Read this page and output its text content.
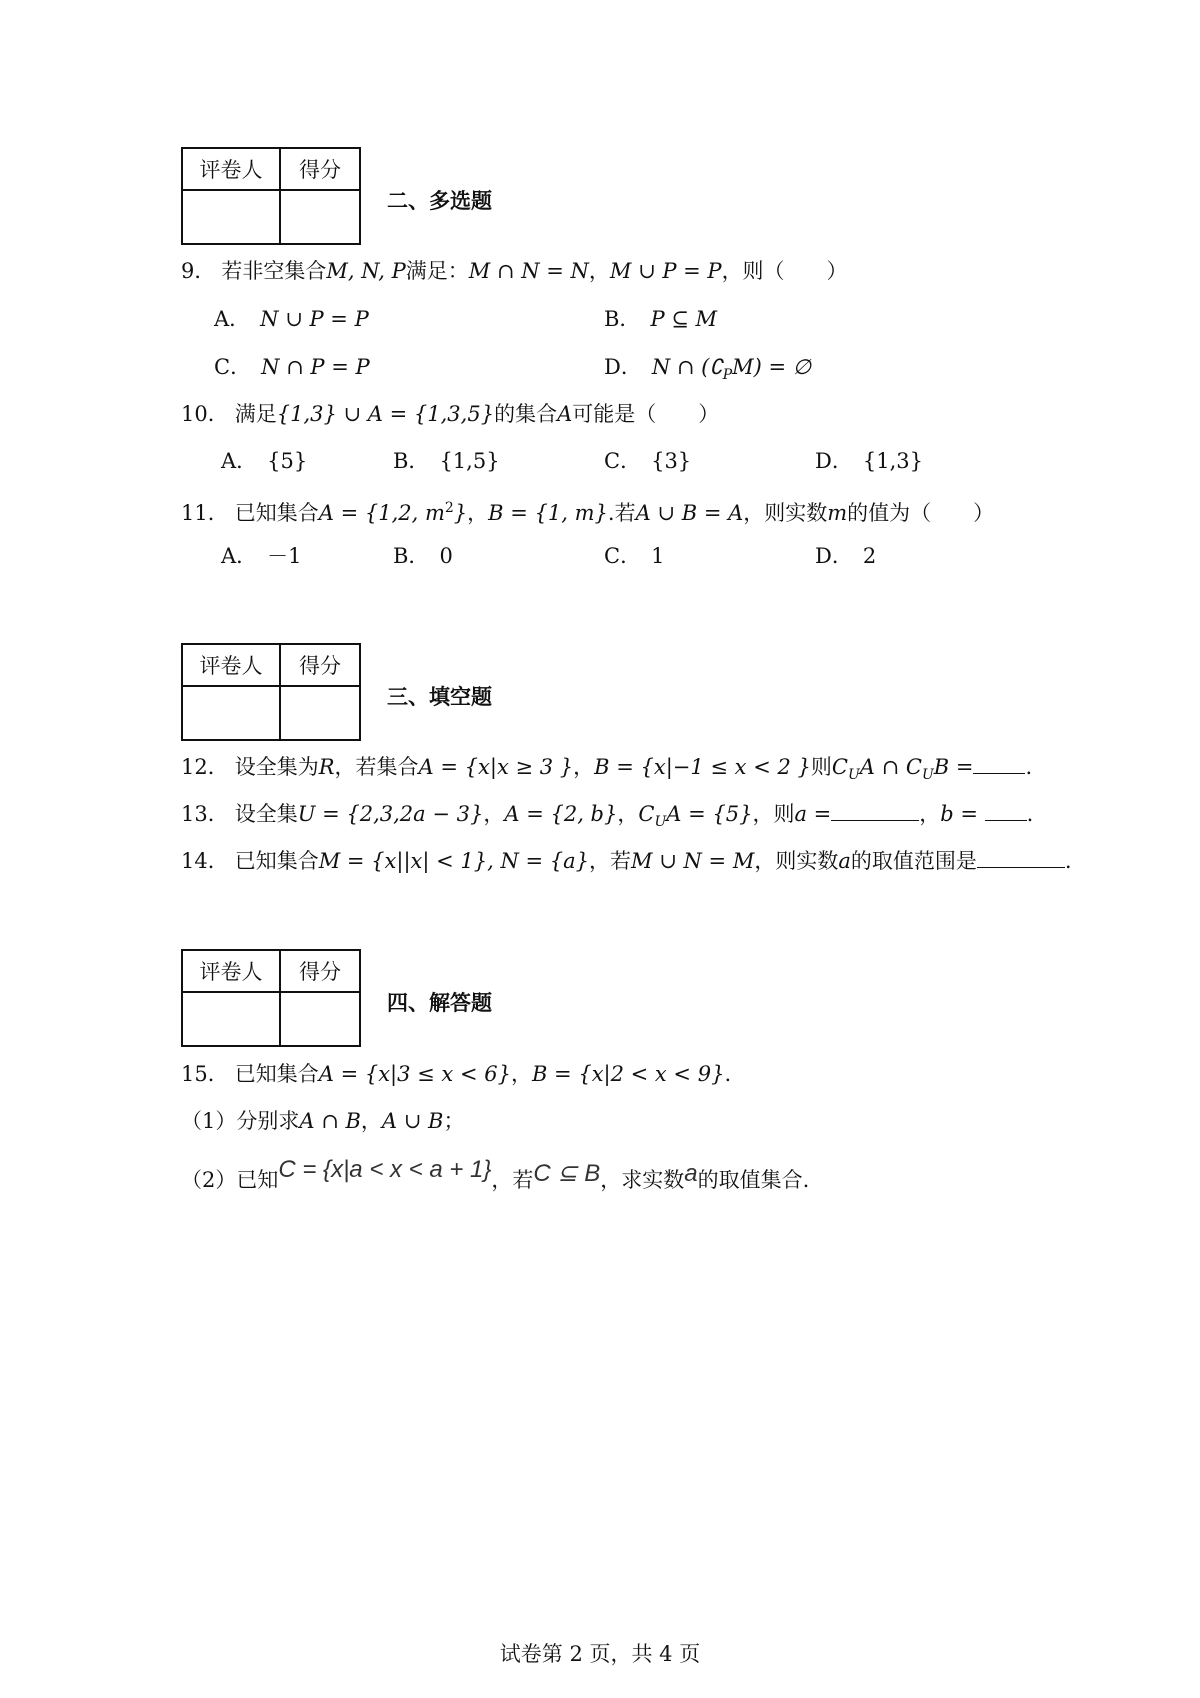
评卷人	得分

二、多选题
9． 若非空集合M, N, P满足：M ∩ N = N，M ∪ P = P，则（　　）
A． N ∪ P = P	B． P ⊆ M
C． N ∩ P = P	D． N ∩ $(∁_PM)$ = ∅
10． 满足{1,3} ∪ A = {1,3,5}的集合A可能是（　　）
A． {5}	B． {1,5}	C． {3}	D． {1,3}
11． 已知集合A = {1,2, $m^2$}，B = {1, m}.若A ∪ B = A，则实数m的值为（　　）
A． －1	B． 0	C． 1	D． 2
评卷人	得分

三、填空题
12． 设全集为R，若集合A = {x|x ≥ 3 }，B = {x|−1 ≤ x < 2 }则$C_UA$ ∩ $C_UB$ = .
13． 设全集U = {2,3,2a − 3}，A = {2, b}，$C_UA = \{5\}$，则a =	，b = .
14． 已知集合M = {x||x| < 1}, N = {a}，若M ∪ N = M，则实数a的取值范围是	.
评卷人	得分

四、解答题
15． 已知集合A = {x|3 ≤ x < 6}，B = {x|2 < x < 9}.
（1）分别求A ∩ B，A ∪ B；
（2）已知C = {x|a < x < a + 1}，若C ⊆ B，求实数a的取值集合.
试卷第 2 页，共 4 页
